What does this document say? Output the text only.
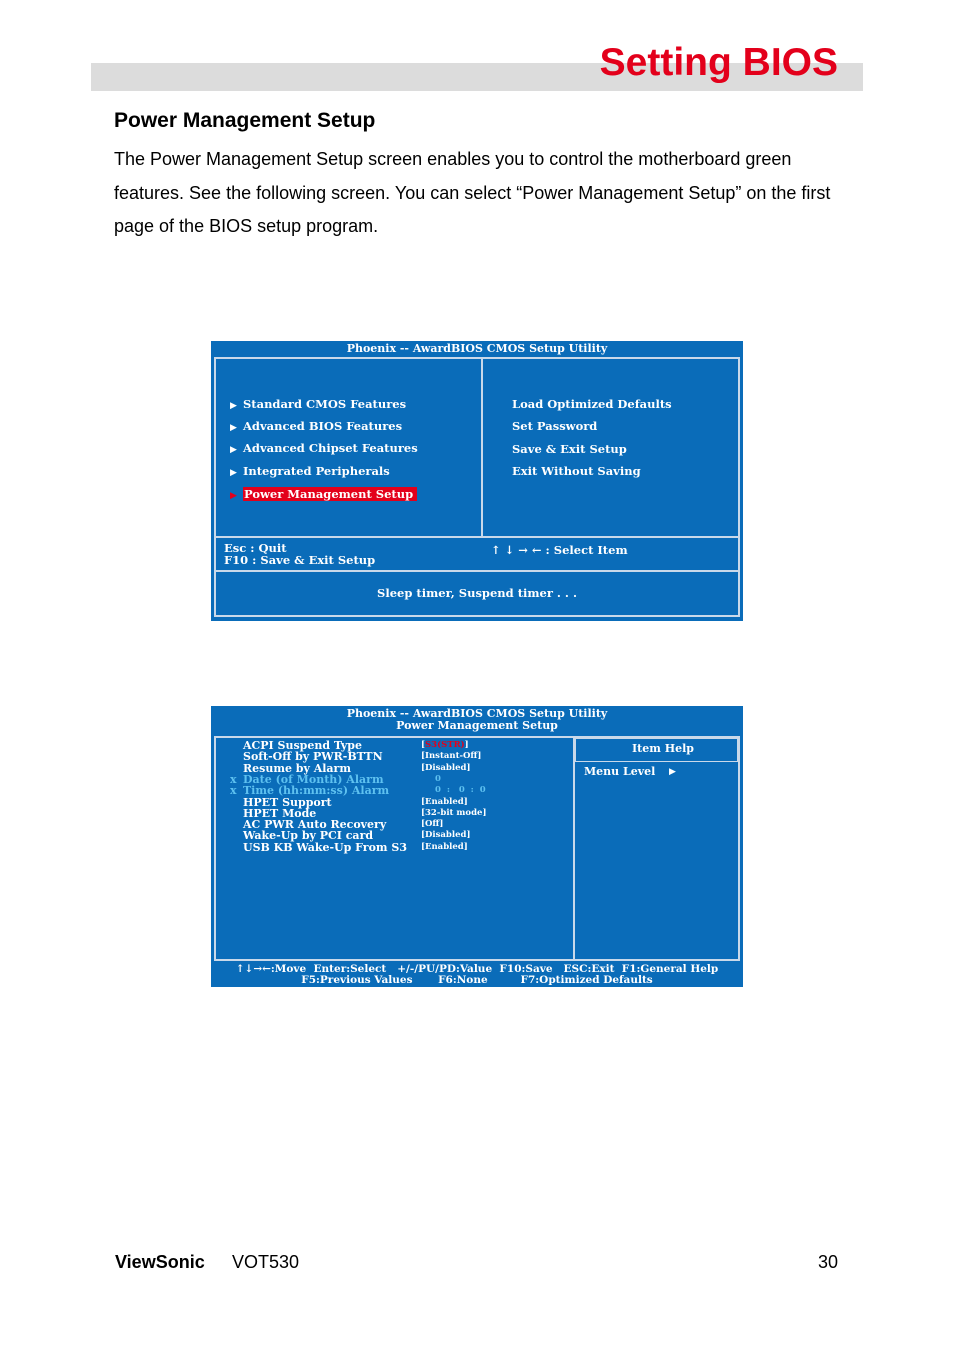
Setting BIOS
Power Management Setup

The Power Management Setup screen enables you to control the motherboard green features. See the following screen. You can select “Power Management Setup” on the first page of the BIOS setup program.

Phoenix -- AwardBIOS CMOS Setup Utility
▶ Standard CMOS Features
▶ Advanced BIOS Features
▶ Advanced Chipset Features
▶ Integrated Peripherals
▶ Power Management Setup
Load Optimized Defaults
Set Password
Save & Exit Setup
Exit Without Saving
Esc : Quit
F10 : Save & Exit Setup
↑ ↓ → ← : Select Item
Sleep timer, Suspend timer . . .
Phoenix -- AwardBIOS CMOS Setup Utility
Power Management Setup
ACPI Suspend Type
Soft-Off by PWR-BTTN
Resume by Alarm
x Date (of Month) Alarm
x Time (hh:mm:ss) Alarm
HPET Support
HPET Mode
AC PWR Auto Recovery
Wake-Up by PCI card
USB KB Wake-Up From S3
[S3(STR)]
[Instant-Off]
[Disabled]
0
0  :   0  :  0
[Enabled]
[32-bit mode]
[Off]
[Disabled]
[Enabled]
Item Help
Menu Level ▶
↑↓→←:Move  Enter:Select   +/-/PU/PD:Value  F10:Save   ESC:Exit  F1:General Help
F5:Previous Values       F6:None         F7:Optimized Defaults
ViewSonic VOT530	30
